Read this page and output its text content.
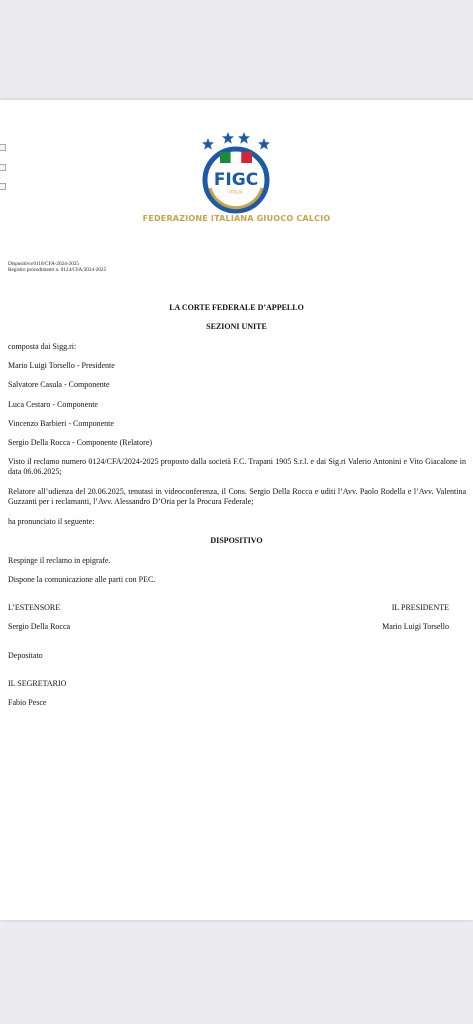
FIGC
ITALIA
FEDERAZIONE ITALIANA GIUOCO CALCIO
Dispositivo/0118/CFA-2024-2025
Registro procedimenti n. 0124/CFA/2024-2025
LA CORTE FEDERALE D’APPELLO
SEZIONI UNITE
composta dai Sigg.ri:
Mario Luigi Torsello - Presidente
Salvatore Casula - Componente
Luca Cestaro - Componente
Vincenzo Barbieri - Componente
Sergio Della Rocca - Componente (Relatore)
Visto il reclamo numero 0124/CFA/2024-2025 proposto dalla società F.C. Trapani 1905 S.r.l. e dai Sig.ri Valerio Antonini e Vito Giacalone in data 06.06.2025;
Relatore all’udienza del 20.06.2025, tenutasi in videoconferenza, il Cons. Sergio Della Rocca e uditi l’Avv. Paolo Rodella e l’Avv. Valentina Guzzanti per i reclamanti, l’Avv. Alessandro D’Oria per la Procura Federale;
ha pronunciato il seguente:
DISPOSITIVO
Respinge il reclamo in epigrafe.
Dispone la comunicazione alle parti con PEC.
L’ESTENSORE	IL PRESIDENTE
Sergio Della Rocca	Mario Luigi Torsello
Depositato
IL SEGRETARIO
Fabio Pesce
